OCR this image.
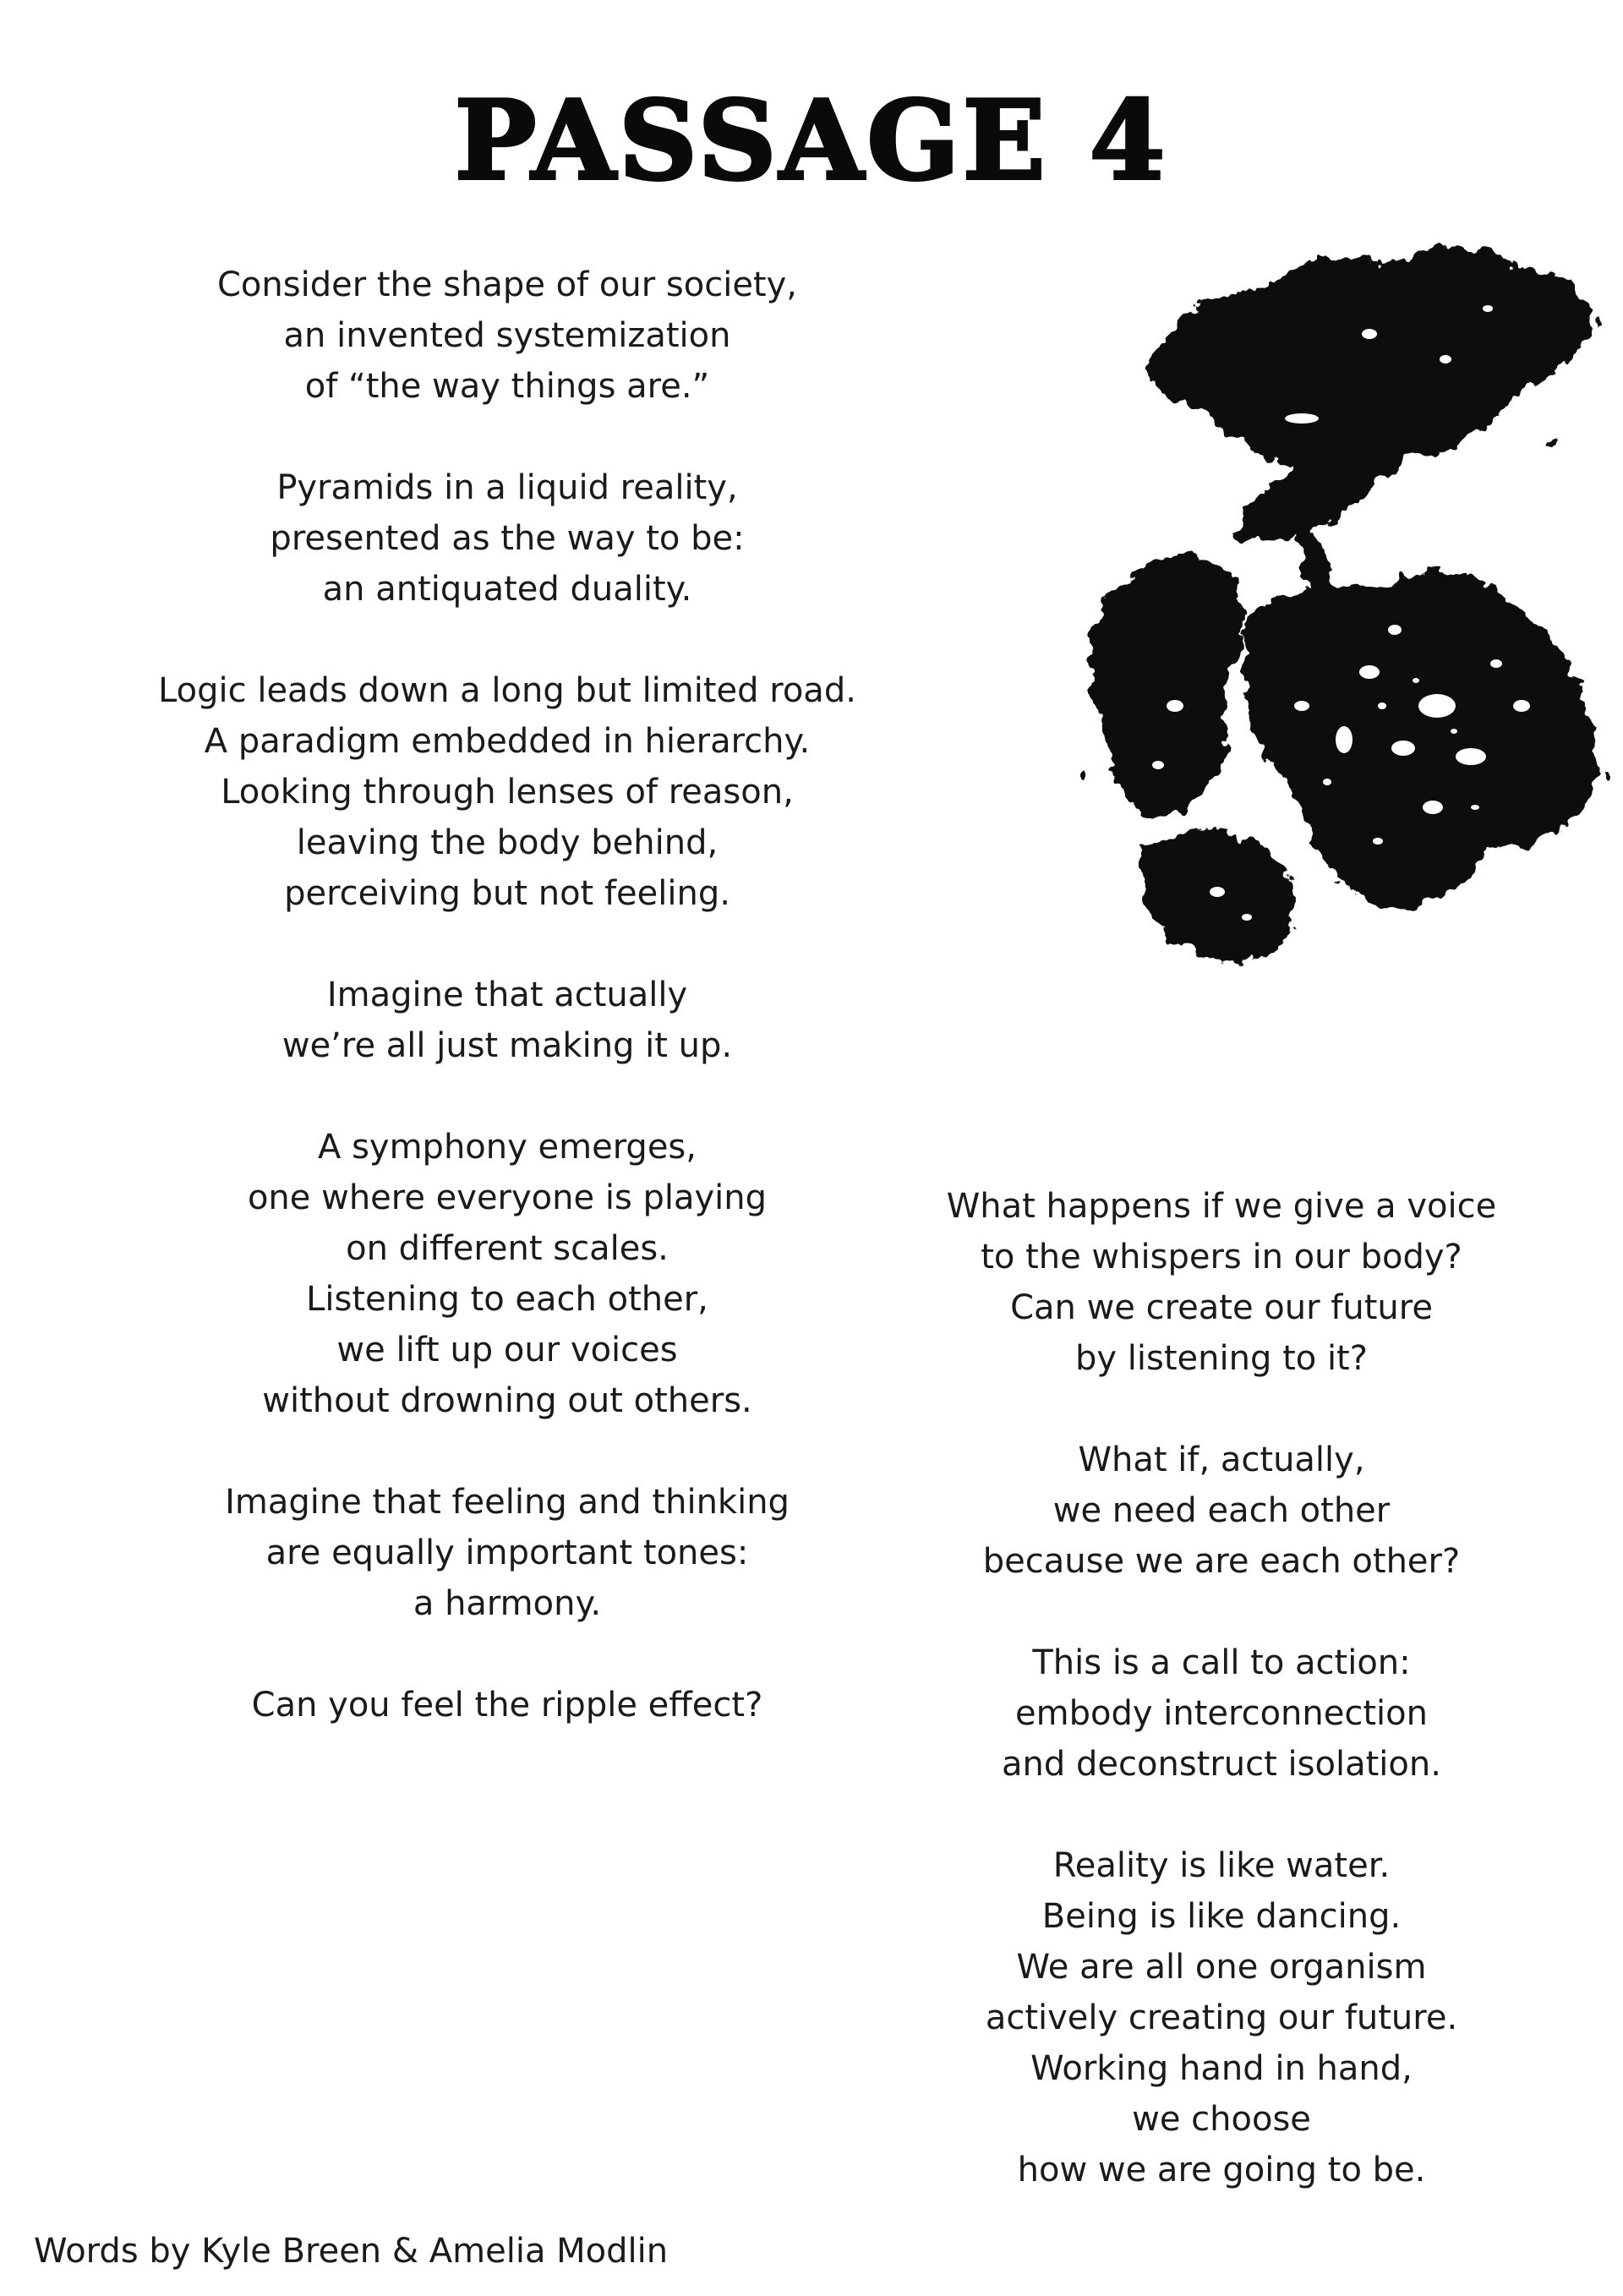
PASSAGE 4

Consider the shape of our society,
an invented systemization
of “the way things are.”

Pyramids in a liquid reality,
presented as the way to be:
an antiquated duality.

Logic leads down a long but limited road.
A paradigm embedded in hierarchy.
Looking through lenses of reason,
leaving the body behind,
perceiving but not feeling.

Imagine that actually
we’re all just making it up.

A symphony emerges,
one where everyone is playing
on different scales.
Listening to each other,
we lift up our voices
without drowning out others.

Imagine that feeling and thinking
are equally important tones:
a harmony.

Can you feel the ripple effect?

What happens if we give a voice
to the whispers in our body?
Can we create our future
by listening to it?

What if, actually,
we need each other
because we are each other?

This is a call to action:
embody interconnection
and deconstruct isolation.

Reality is like water.
Being is like dancing.
We are all one organism
actively creating our future.
Working hand in hand,
we choose
how we are going to be.

Words by Kyle Breen & Amelia Modlin
